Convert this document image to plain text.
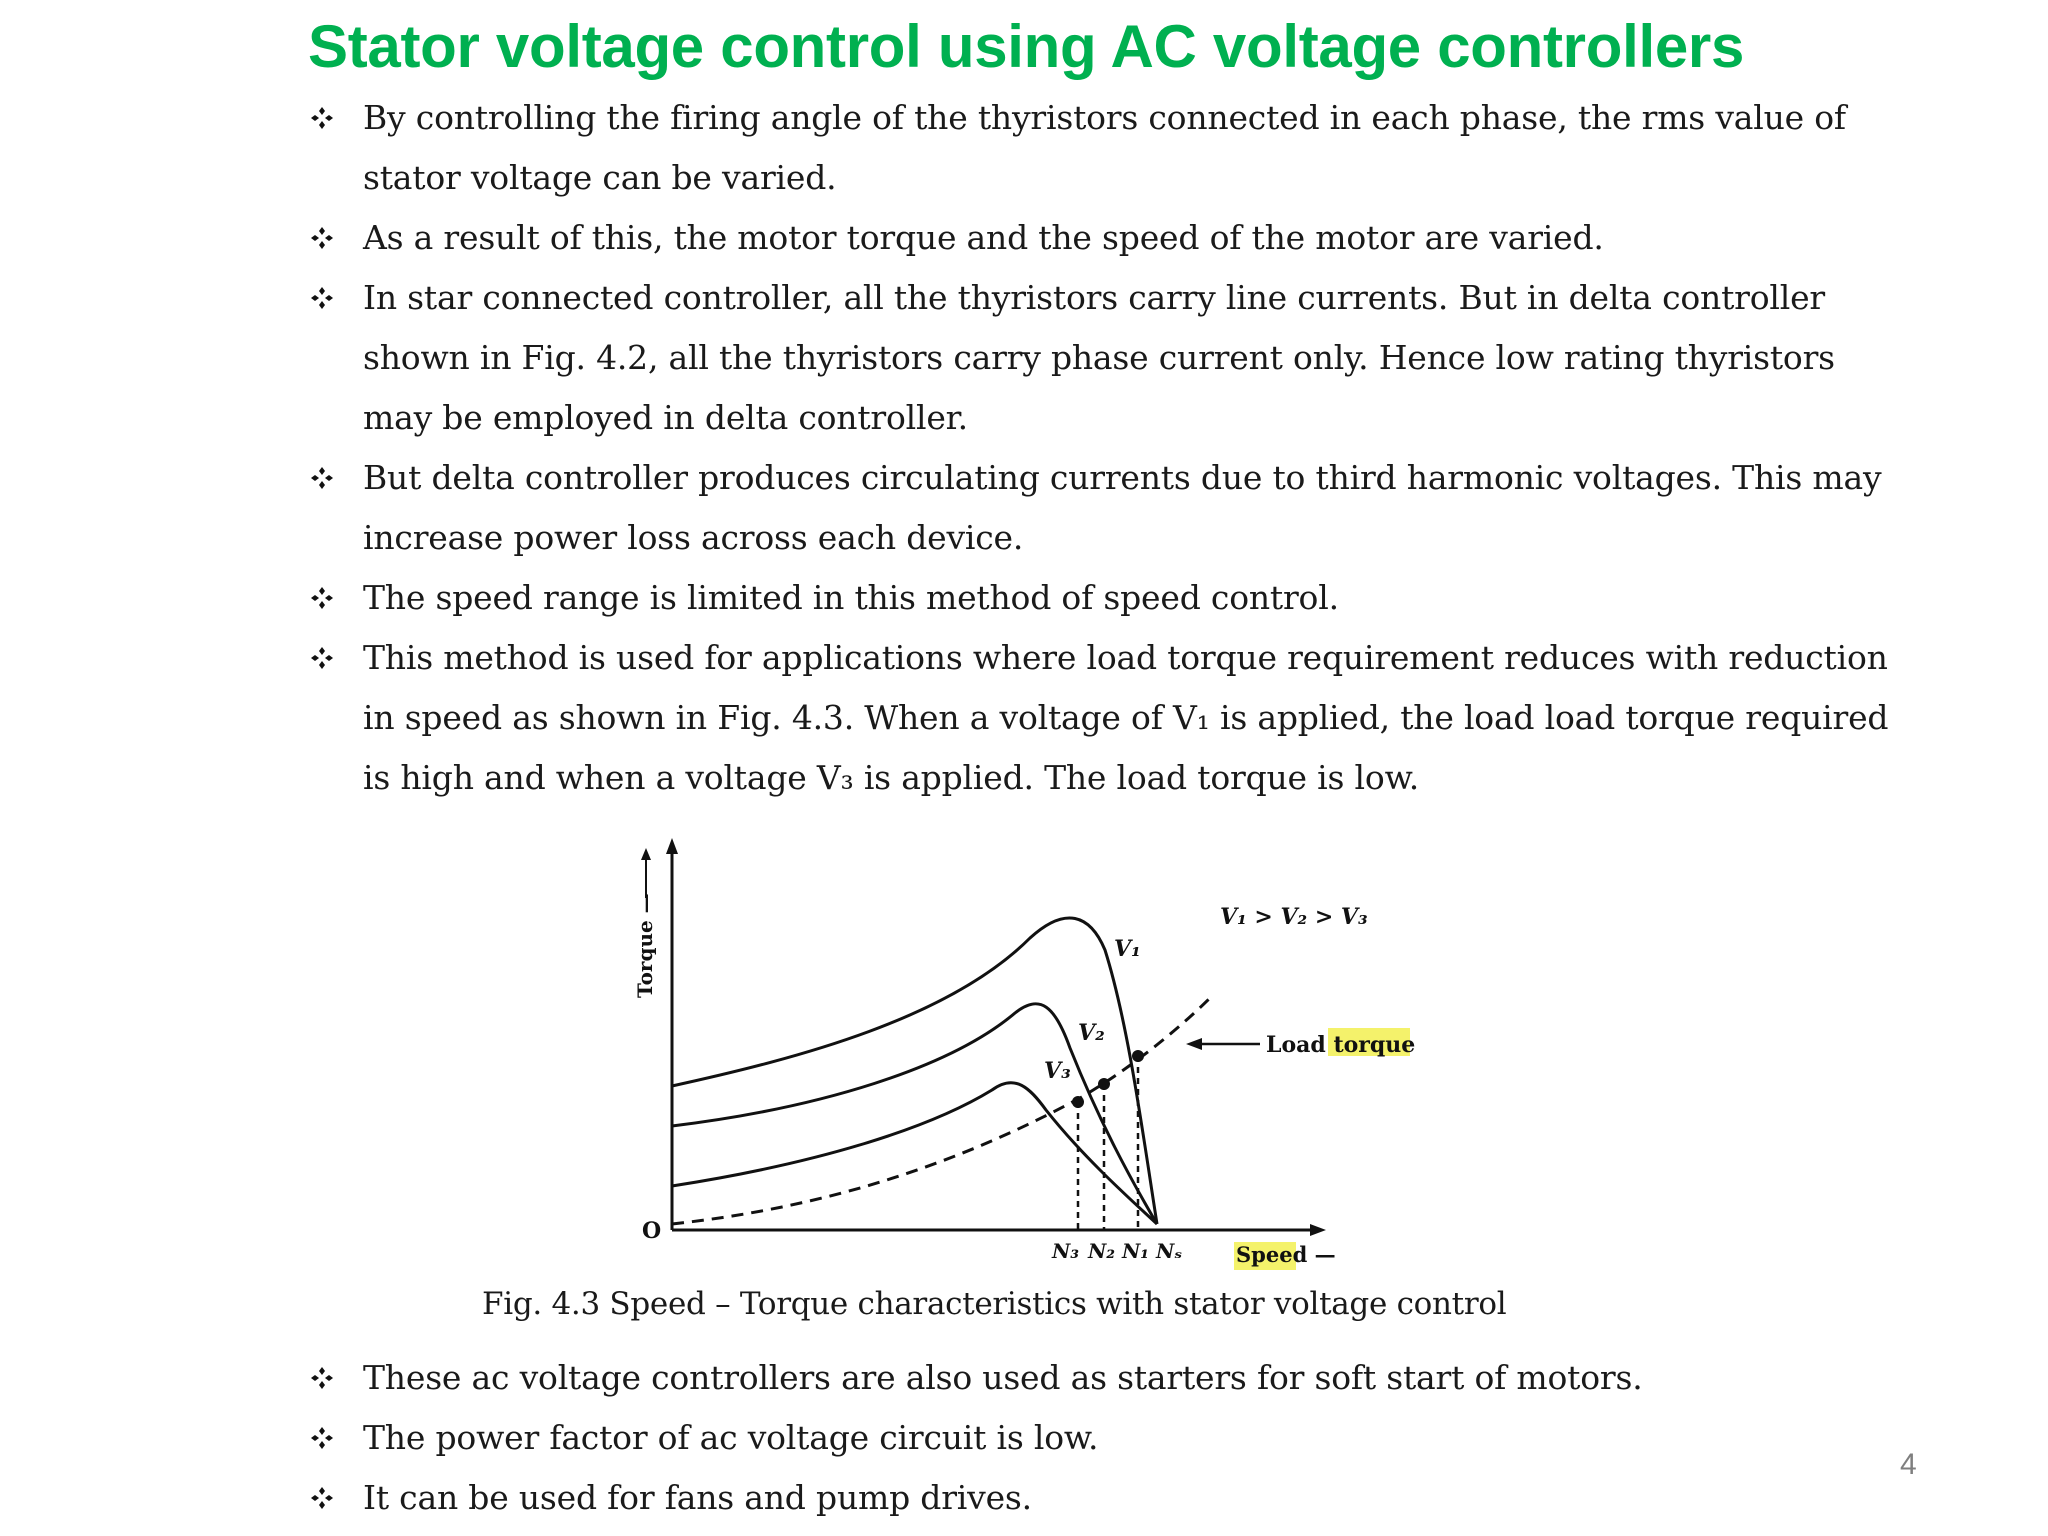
Stator voltage control using AC voltage controllers
By controlling the firing angle of the thyristors connected in each phase, the rms value of
stator voltage can be varied.
As a result of this, the motor torque and the speed of the motor are varied.
In star connected controller, all the thyristors carry line currents. But in delta controller
shown in Fig. 4.2, all the thyristors carry phase current only. Hence low rating thyristors
may be employed in delta controller.
But delta controller produces circulating currents due to third harmonic voltages. This may
increase power loss across each device.
The speed range is limited in this method of speed control.
This method is used for applications where load torque requirement reduces with reduction
in speed as shown in Fig. 4.3. When a voltage of V₁ is applied, the load load torque required
is high and when a voltage V₃ is applied. The load torque is low.
Torque —
O
V₁
V₂
V₃
V₁ > V₂ > V₃
Load torque
N₃ N₂ N₁ Nₛ	Speed —
Fig. 4.3 Speed – Torque characteristics with stator voltage control
These ac voltage controllers are also used as starters for soft start of motors.
The power factor of ac voltage circuit is low.
It can be used for fans and pump drives.
4
